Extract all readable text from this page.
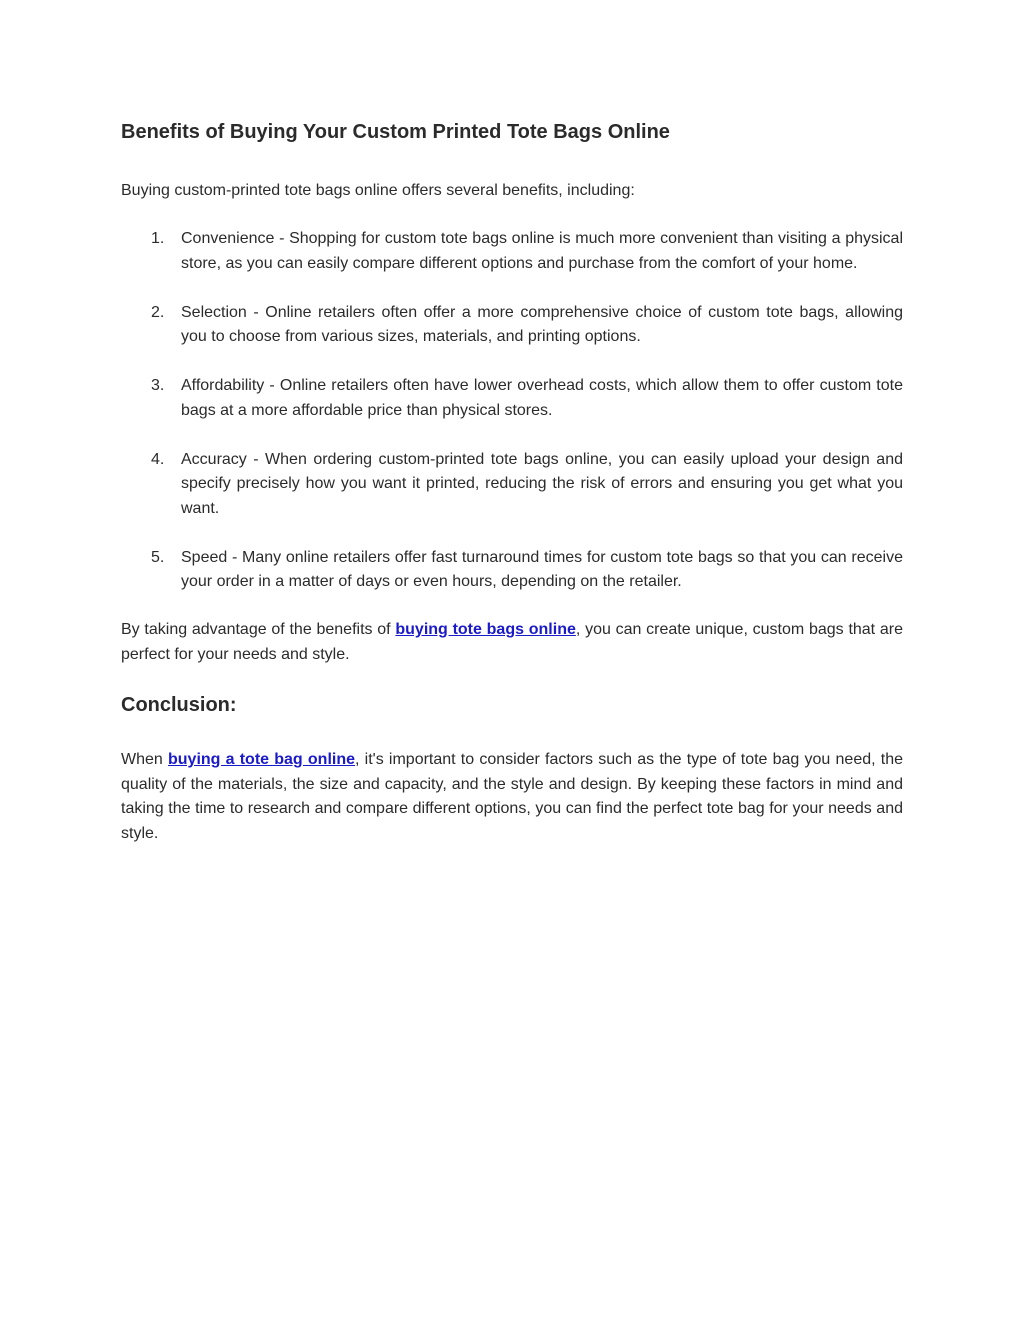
Benefits of Buying Your Custom Printed Tote Bags Online

Buying custom-printed tote bags online offers several benefits, including:

1. Convenience - Shopping for custom tote bags online is much more convenient than visiting a physical store, as you can easily compare different options and purchase from the comfort of your home.
2. Selection - Online retailers often offer a more comprehensive choice of custom tote bags, allowing you to choose from various sizes, materials, and printing options.
3. Affordability - Online retailers often have lower overhead costs, which allow them to offer custom tote bags at a more affordable price than physical stores.
4. Accuracy - When ordering custom-printed tote bags online, you can easily upload your design and specify precisely how you want it printed, reducing the risk of errors and ensuring you get what you want.
5. Speed - Many online retailers offer fast turnaround times for custom tote bags so that you can receive your order in a matter of days or even hours, depending on the retailer.

By taking advantage of the benefits of buying tote bags online, you can create unique, custom bags that are perfect for your needs and style.

Conclusion:

When buying a tote bag online, it's important to consider factors such as the type of tote bag you need, the quality of the materials, the size and capacity, and the style and design. By keeping these factors in mind and taking the time to research and compare different options, you can find the perfect tote bag for your needs and style.
